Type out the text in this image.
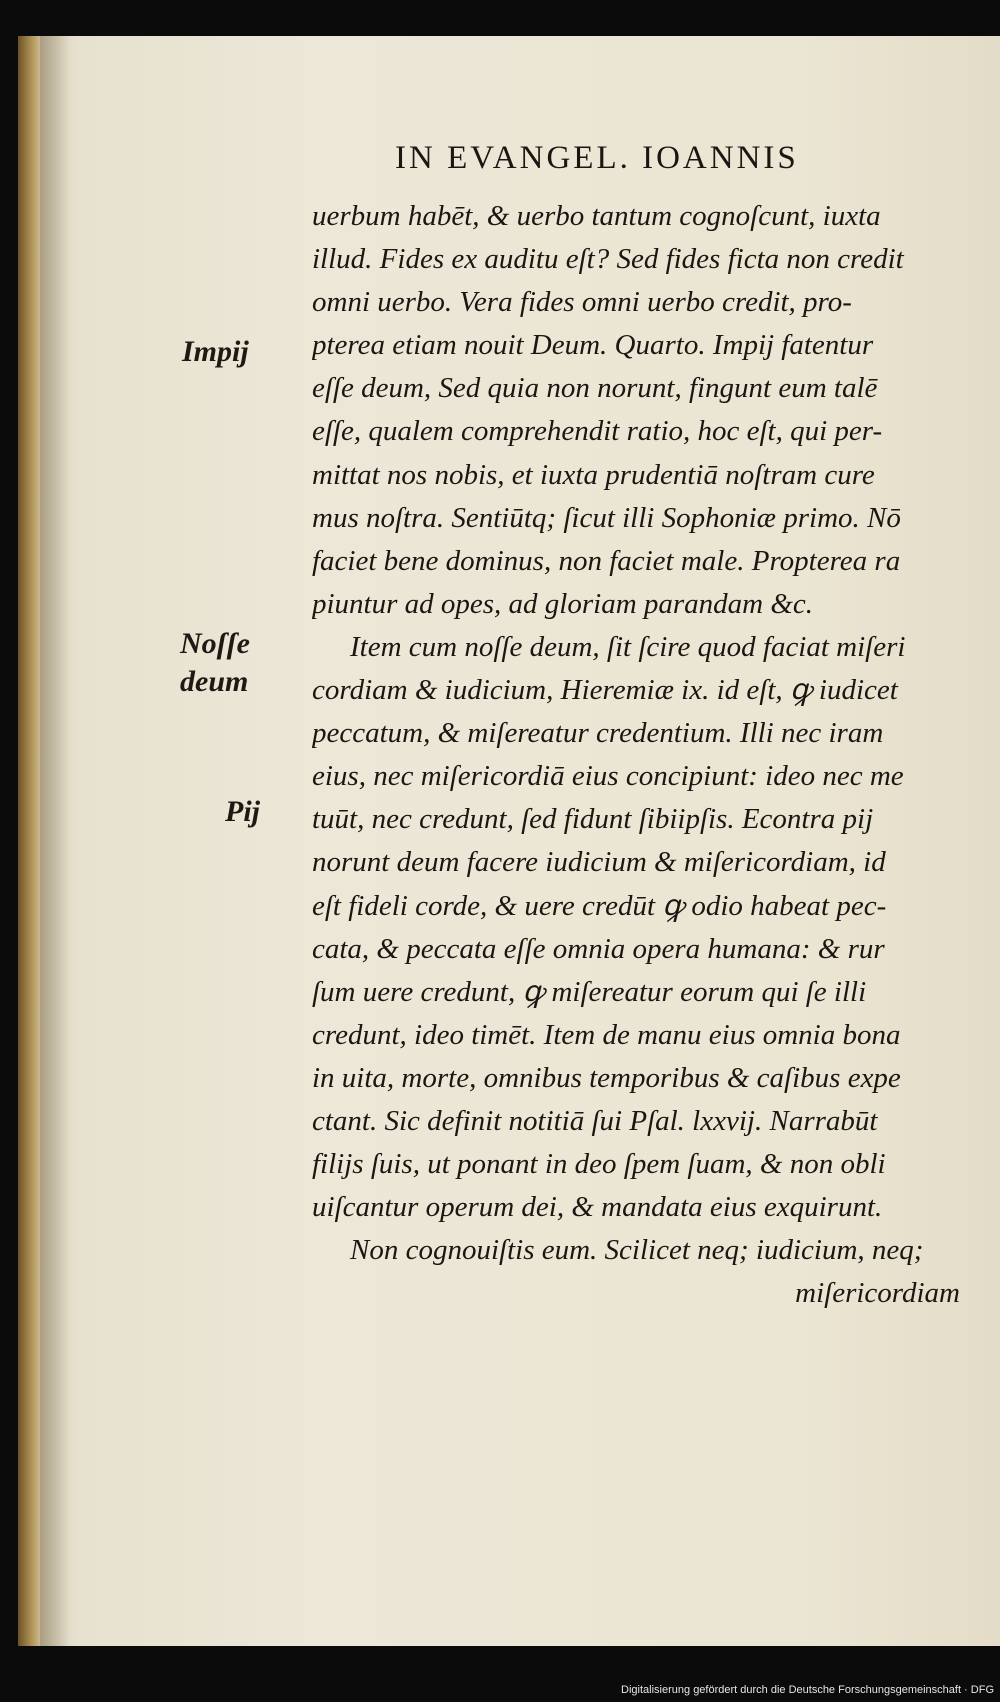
IN EVANGEL. IOANNIS
Impij
Noſſe
deum
Pij
uerbum habēt, & uerbo tantum cognoſcunt, iuxta
illud. Fides ex auditu eſt? Sed fides ficta non credit
omni uerbo. Vera fides omni uerbo credit, pro-
pterea etiam nouit Deum. Quarto. Impij fatentur
eſſe deum, Sed quia non norunt, fingunt eum talē
eſſe, qualem comprehendit ratio, hoc eſt, qui per-
mittat nos nobis, et iuxta prudentiā noſtram cure
mus noſtra. Sentiūtq; ſicut illi Sophoniæ primo. Nō
faciet bene dominus, non faciet male. Propterea ra
piuntur ad opes, ad gloriam parandam &c.
Item cum noſſe deum, ſit ſcire quod faciat miſeri
cordiam & iudicium, Hieremiæ ix. id eſt, ꝙ iudicet
peccatum, & miſereatur credentium. Illi nec iram
eius, nec miſericordiā eius concipiunt: ideo nec me
tuūt, nec credunt, ſed fidunt ſibiipſis. Econtra pij
norunt deum facere iudicium & miſericordiam, id
eſt fideli corde, & uere credūt ꝙ odio habeat pec-
cata, & peccata eſſe omnia opera humana: & rur
ſum uere credunt, ꝙ miſereatur eorum qui ſe illi
credunt, ideo timēt. Item de manu eius omnia bona
in uita, morte, omnibus temporibus & caſibus expe
ctant. Sic definit notitiā ſui Pſal. lxxvij. Narrabūt
filijs ſuis, ut ponant in deo ſpem ſuam, & non obli
uiſcantur operum dei, & mandata eius exquirunt.
Non cognouiſtis eum. Scilicet neq; iudicium, neq;
miſericordiam
Digitalisierung gefördert durch die Deutsche Forschungsgemeinschaft · DFG
